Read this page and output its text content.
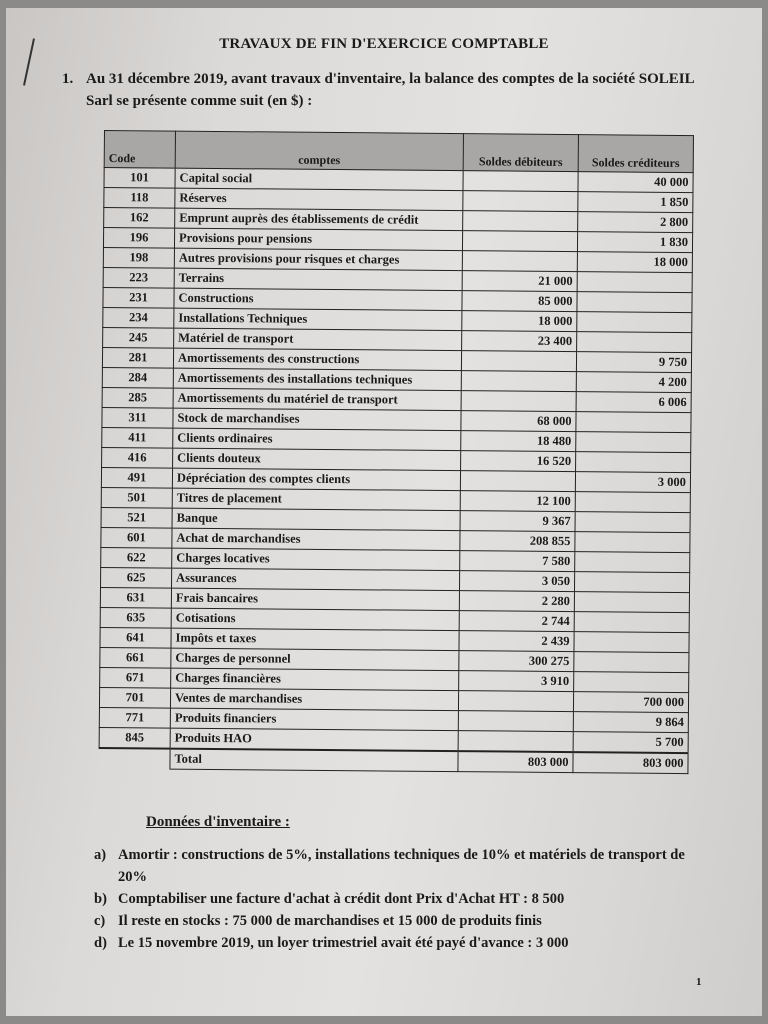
TRAVAUX DE FIN D'EXERCICE COMPTABLE
1. Au 31 décembre 2019, avant travaux d'inventaire, la balance des comptes de la société SOLEIL Sarl se présente comme suit (en $) :
Code	comptes	Soldes débiteurs	Soldes créditeurs
101	Capital social		40 000
118	Réserves		1 850
162	Emprunt auprès des établissements de crédit		2 800
196	Provisions pour pensions		1 830
198	Autres provisions pour risques et charges		18 000
223	Terrains	21 000	
231	Constructions	85 000	
234	Installations Techniques	18 000	
245	Matériel de transport	23 400	
281	Amortissements des constructions		9 750
284	Amortissements des installations techniques		4 200
285	Amortissements du matériel de transport		6 006
311	Stock de marchandises	68 000	
411	Clients ordinaires	18 480	
416	Clients douteux	16 520	
491	Dépréciation des comptes clients		3 000
501	Titres de placement	12 100	
521	Banque	9 367	
601	Achat de marchandises	208 855	
622	Charges locatives	7 580	
625	Assurances	3 050	
631	Frais bancaires	2 280	
635	Cotisations	2 744	
641	Impôts et taxes	2 439	
661	Charges de personnel	300 275	
671	Charges financières	3 910	
701	Ventes de marchandises		700 000
771	Produits financiers		9 864
845	Produits HAO		5 700
	Total	803 000	803 000
Données d'inventaire :
a) Amortir : constructions de 5%, installations techniques de 10% et matériels de transport de 20%
b) Comptabiliser une facture d'achat à crédit dont Prix d'Achat HT : 8 500
c) Il reste en stocks : 75 000 de marchandises et 15 000 de produits finis
d) Le 15 novembre 2019, un loyer trimestriel avait été payé d'avance : 3 000
1
